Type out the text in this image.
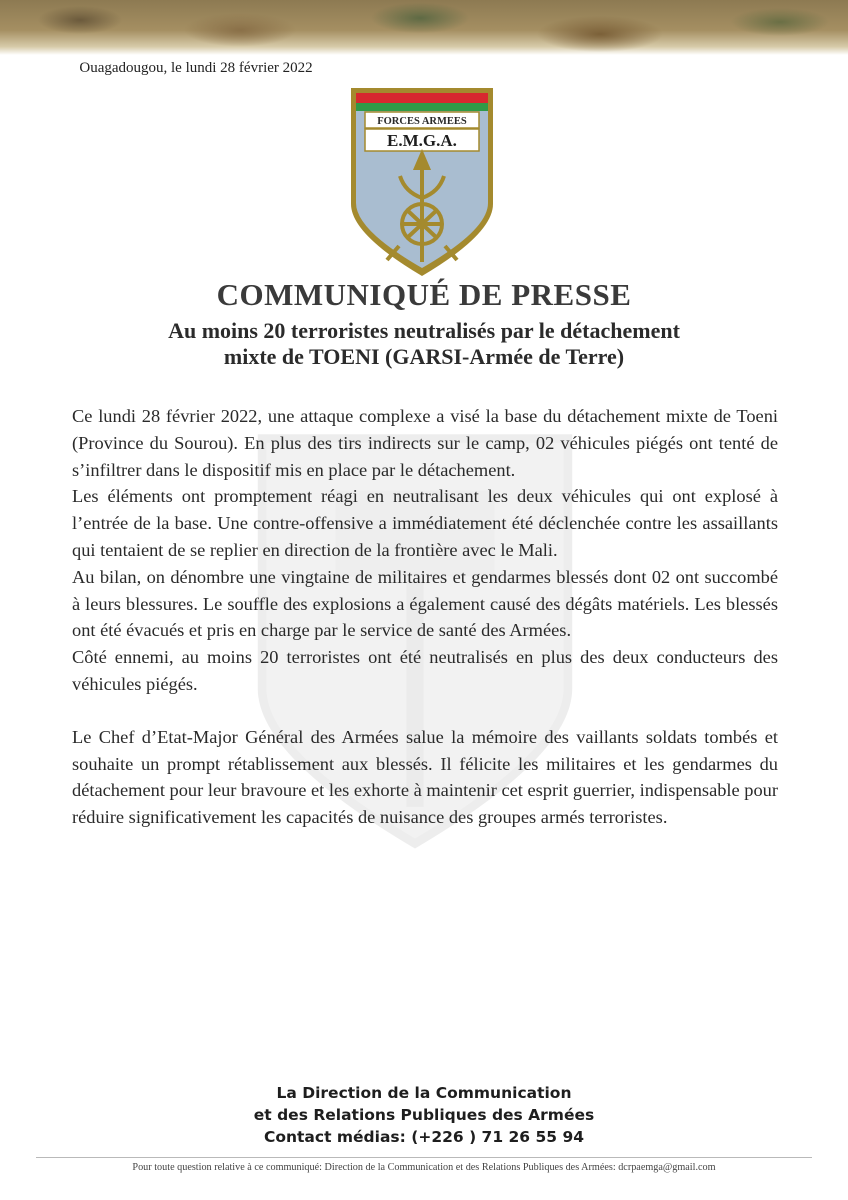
Ouagadougou, le lundi 28 février 2022
FORCES ARMEES
E.M.G.A.
COMMUNIQUÉ DE PRESSE
Au moins 20 terroristes neutralisés par le détachement
mixte de TOENI (GARSI-Armée de Terre)

Ce lundi 28 février 2022, une attaque complexe a visé la base du détachement mixte de Toeni (Province du Sourou). En plus des tirs indirects sur le camp, 02 véhicules piégés ont tenté de s’infiltrer dans le dispositif mis en place par le détachement.

Les éléments ont promptement réagi en neutralisant les deux véhicules qui ont explosé à l’entrée de la base. Une contre-offensive a immédiatement été déclenchée contre les assaillants qui tentaient de se replier en direction de la frontière avec le Mali.

Au bilan, on dénombre une vingtaine de militaires et gendarmes blessés dont 02 ont succombé à leurs blessures. Le souffle des explosions a également causé des dégâts matériels. Les blessés ont été évacués et pris en charge par le service de santé des Armées.

Côté ennemi, au moins 20 terroristes ont été neutralisés en plus des deux conducteurs des véhicules piégés.

Le Chef d’Etat-Major Général des Armées salue la mémoire des vaillants soldats tombés et souhaite un prompt rétablissement aux blessés. Il félicite les militaires et les gendarmes du détachement pour leur bravoure et les exhorte à maintenir cet esprit guerrier, indispensable pour réduire significativement les capacités de nuisance des groupes armés terroristes.

La Direction de la Communication
et des Relations Publiques des Armées
Contact médias: (+226 ) 71 26 55 94
Pour toute question relative à ce communiqué: Direction de la Communication et des Relations Publiques des Armées: dcrpaemga@gmail.com
